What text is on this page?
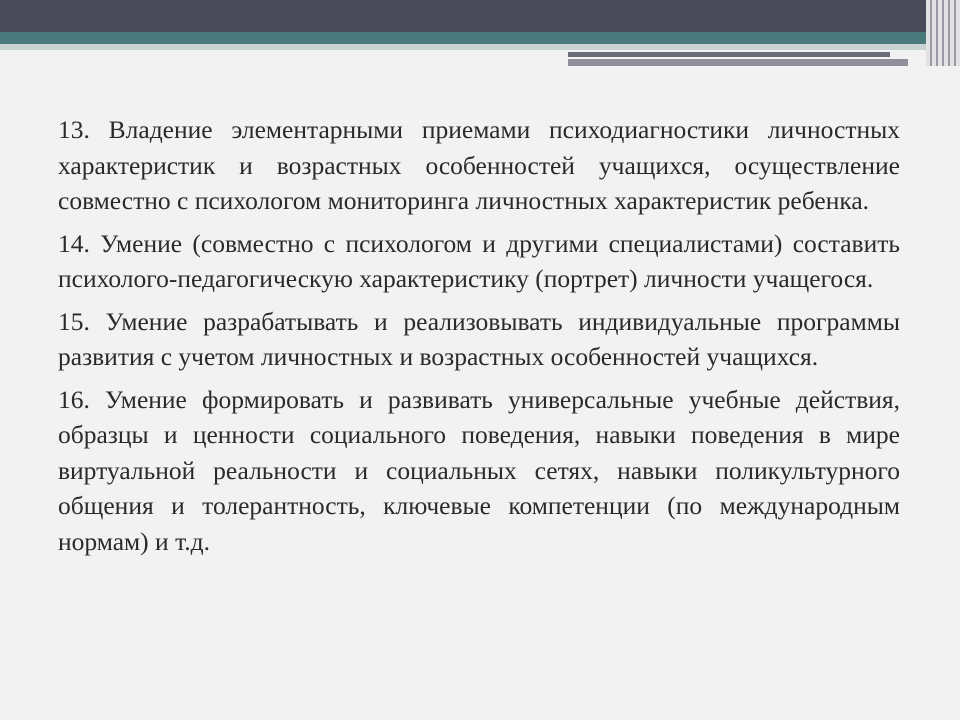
13. Владение элементарными приемами психодиагностики личностных характеристик и возрастных особенностей учащихся, осуществление совместно с психологом мониторинга личностных характеристик ребенка.

14. Умение (совместно с психологом и другими специалистами) составить психолого-педагогическую характеристику (портрет) личности учащегося.

15. Умение разрабатывать и реализовывать индивидуальные программы развития с учетом личностных и возрастных особенностей учащихся.

16. Умение формировать и развивать универсальные учебные действия, образцы и ценности социального поведения, навыки поведения в мире виртуальной реальности и социальных сетях, навыки поликультурного общения и толерантность, ключевые компетенции (по международным нормам) и т.д.
